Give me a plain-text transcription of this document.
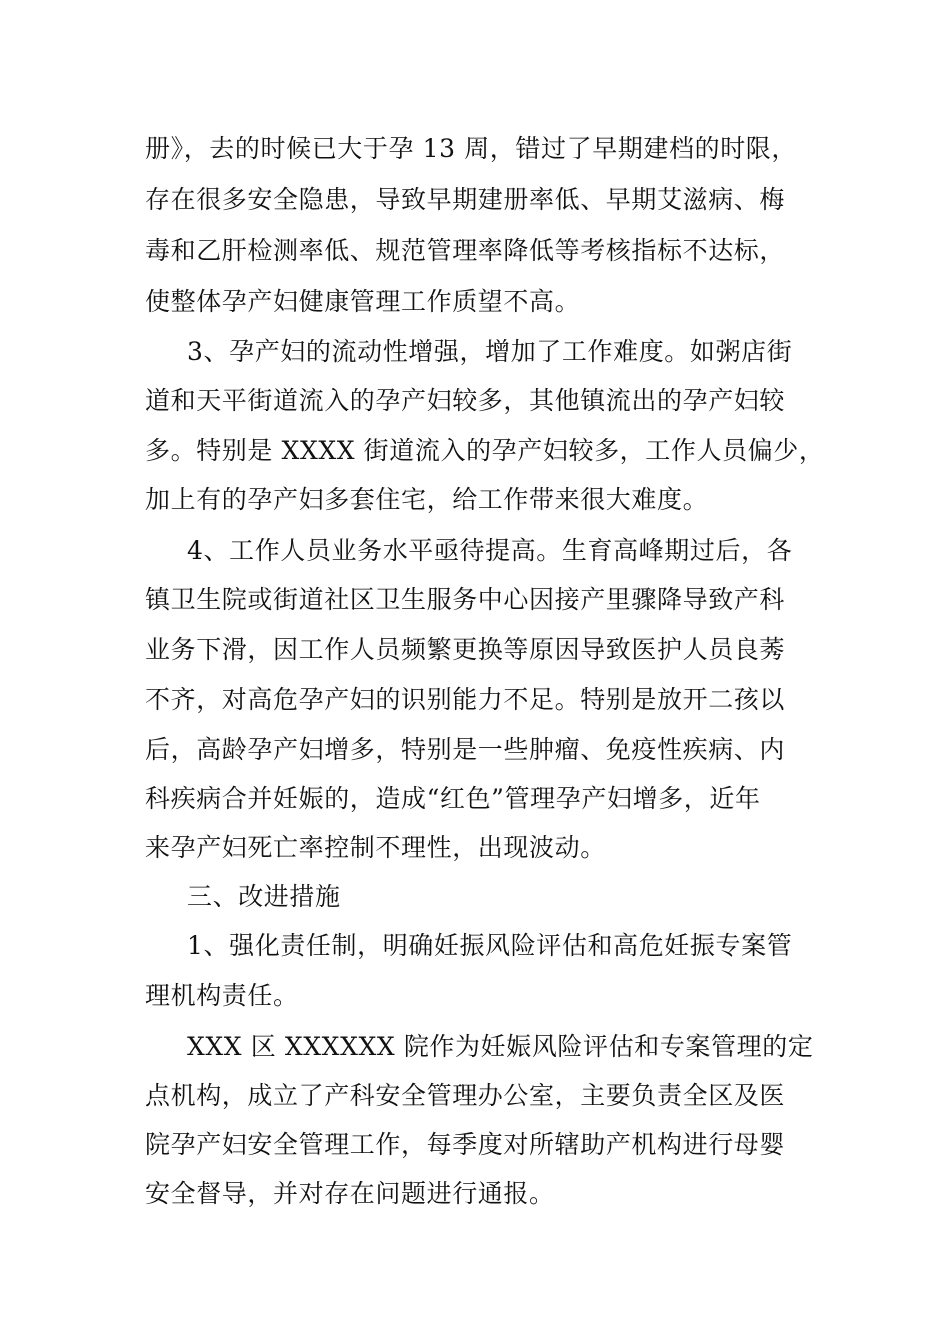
册》，去的时候已大于孕 13 周，错过了早期建档的时限，
存在很多安全隐患，导致早期建册率低、早期艾滋病、梅
毒和乙肝检测率低、规范管理率降低等考核指标不达标，
使整体孕产妇健康管理工作质望不高。
3、孕产妇的流动性增强，增加了工作难度。如粥店街
道和天平街道流入的孕产妇较多，其他镇流出的孕产妇较
多。特别是 XXXX 街道流入的孕产妇较多，工作人员偏少，
加上有的孕产妇多套住宅，给工作带来很大难度。
4、工作人员业务水平亟待提高。生育高峰期过后，各
镇卫生院或街道社区卫生服务中心因接产里骤降导致产科
业务下滑，因工作人员频繁更换等原因导致医护人员良莠
不齐，对高危孕产妇的识别能力不足。特别是放开二孩以
后，高龄孕产妇增多，特别是一些肿瘤、免疫性疾病、内
科疾病合并妊娠的，造成“红色”管理孕产妇增多，近年
来孕产妇死亡率控制不理性，出现波动。
三、改进措施
1、强化责任制，明确妊振风险评估和高危妊振专案管
理机构责任。
XXX 区 XXXXXX 院作为妊娠风险评估和专案管理的定
点机构，成立了产科安全管理办公室，主要负责全区及医
院孕产妇安全管理工作，每季度对所辖助产机构进行母婴
安全督导，并对存在问题进行通报。
